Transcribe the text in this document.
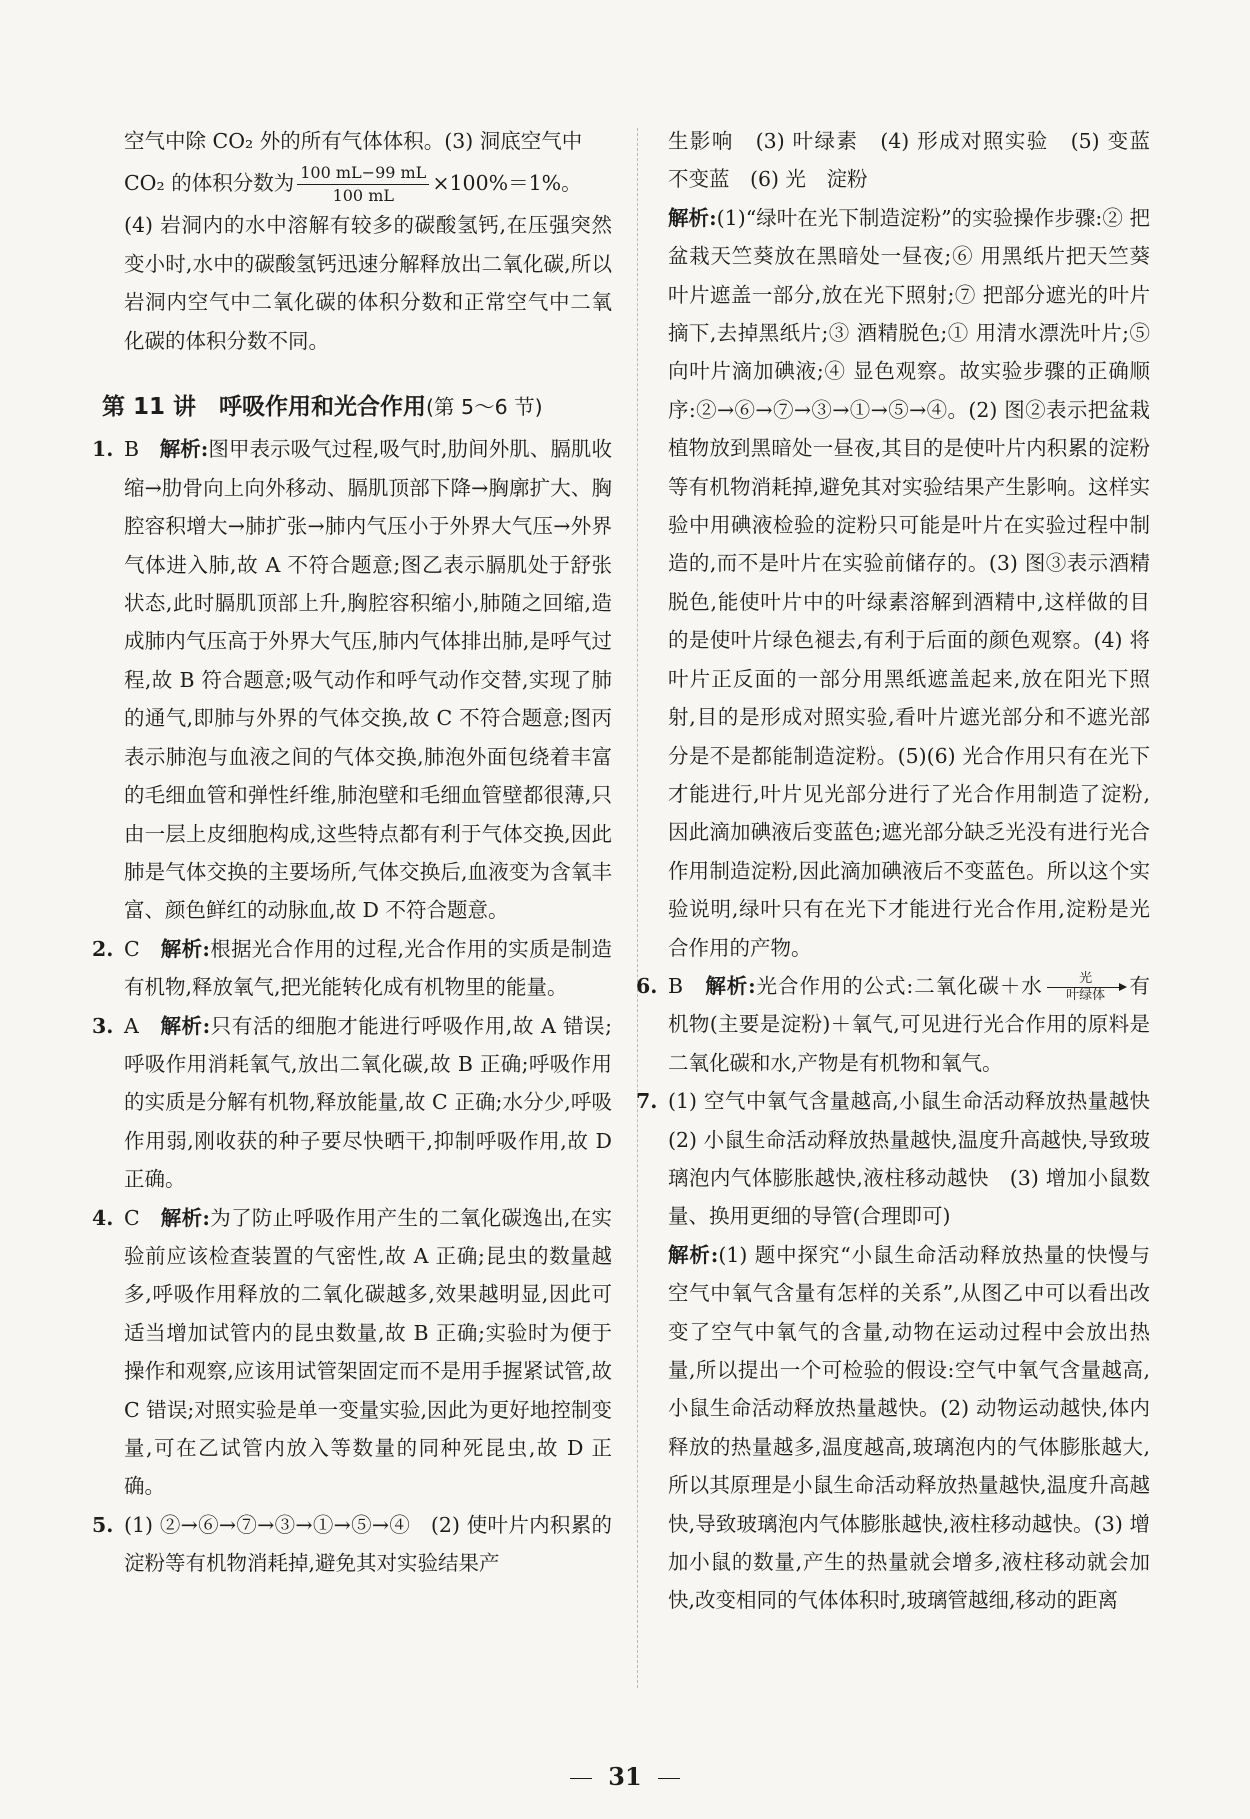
空气中除 CO₂ 外的所有气体体积。(3) 洞底空气中

CO₂ 的体积分数为 $\frac{100 mL-99 mL}{100 mL} \times 100\%=1\%$。

(4) 岩洞内的水中溶解有较多的碳酸氢钙,在压强突然变小时,水中的碳酸氢钙迅速分解释放出二氧化碳,所以岩洞内空气中二氧化碳的体积分数和正常空气中二氧化碳的体积分数不同。

第 11 讲　呼吸作用和光合作用(第 5～6 节)
1. B　 解析:图甲表示吸气过程,吸气时,肋间外肌、膈肌收缩→肋骨向上向外移动、膈肌顶部下降→胸廓扩大、胸腔容积增大→肺扩张→肺内气压小于外界大气压→外界气体进入肺,故 A 不符合题意;图乙表示膈肌处于舒张状态,此时膈肌顶部上升,胸腔容积缩小,肺随之回缩,造成肺内气压高于外界大气压,肺内气体排出肺,是呼气过程,故 B 符合题意;吸气动作和呼气动作交替,实现了肺的通气,即肺与外界的气体交换,故 C 不符合题意;图丙表示肺泡与血液之间的气体交换,肺泡外面包绕着丰富的毛细血管和弹性纤维,肺泡壁和毛细血管壁都很薄,只由一层上皮细胞构成,这些特点都有利于气体交换,因此肺是气体交换的主要场所,气体交换后,血液变为含氧丰富、颜色鲜红的动脉血,故 D 不符合题意。
2. C　 解析:根据光合作用的过程,光合作用的实质是制造有机物,释放氧气,把光能转化成有机物里的能量。
3. A　 解析:只有活的细胞才能进行呼吸作用,故 A 错误;呼吸作用消耗氧气,放出二氧化碳,故 B 正确;呼吸作用的实质是分解有机物,释放能量,故 C 正确;水分少,呼吸作用弱,刚收获的种子要尽快晒干,抑制呼吸作用,故 D 正确。
4. C　 解析:为了防止呼吸作用产生的二氧化碳逸出,在实验前应该检查装置的气密性,故 A 正确;昆虫的数量越多,呼吸作用释放的二氧化碳越多,效果越明显,因此可适当增加试管内的昆虫数量,故 B 正确;实验时为便于操作和观察,应该用试管架固定而不是用手握紧试管,故 C 错误;对照实验是单一变量实验,因此为更好地控制变量,可在乙试管内放入等数量的同种死昆虫,故 D 正确。
5. (1) ②→⑥→⑦→③→①→⑤→④　(2) 使叶片内积累的淀粉等有机物消耗掉,避免其对实验结果产

生影响　(3) 叶绿素　(4) 形成对照实验　(5) 变蓝　不变蓝　(6) 光　淀粉

解析:(1)“绿叶在光下制造淀粉”的实验操作步骤:② 把盆栽天竺葵放在黑暗处一昼夜;⑥ 用黑纸片把天竺葵叶片遮盖一部分,放在光下照射;⑦ 把部分遮光的叶片摘下,去掉黑纸片;③ 酒精脱色;① 用清水漂洗叶片;⑤ 向叶片滴加碘液;④ 显色观察。故实验步骤的正确顺序:②→⑥→⑦→③→①→⑤→④。(2) 图②表示把盆栽植物放到黑暗处一昼夜,其目的是使叶片内积累的淀粉等有机物消耗掉,避免其对实验结果产生影响。这样实验中用碘液检验的淀粉只可能是叶片在实验过程中制造的,而不是叶片在实验前储存的。(3) 图③表示酒精脱色,能使叶片中的叶绿素溶解到酒精中,这样做的目的是使叶片绿色褪去,有利于后面的颜色观察。(4) 将叶片正反面的一部分用黑纸遮盖起来,放在阳光下照射,目的是形成对照实验,看叶片遮光部分和不遮光部分是不是都能制造淀粉。(5)(6) 光合作用只有在光下才能进行,叶片见光部分进行了光合作用制造了淀粉,因此滴加碘液后变蓝色;遮光部分缺乏光没有进行光合作用制造淀粉,因此滴加碘液后不变蓝色。所以这个实验说明,绿叶只有在光下才能进行光合作用,淀粉是光合作用的产物。

6. B　 解析:光合作用的公式:二氧化碳＋水	光
叶绿体	有机物(主要是淀粉)＋氧气,可见进行光合作用的原料是二氧化碳和水,产物是有机物和氧气。
7. (1) 空气中氧气含量越高,小鼠生命活动释放热量越快　(2) 小鼠生命活动释放热量越快,温度升高越快,导致玻璃泡内气体膨胀越快,液柱移动越快　(3) 增加小鼠数量、换用更细的导管(合理即可)

解析:(1) 题中探究“小鼠生命活动释放热量的快慢与空气中氧气含量有怎样的关系”,从图乙中可以看出改变了空气中氧气的含量,动物在运动过程中会放出热量,所以提出一个可检验的假设:空气中氧气含量越高,小鼠生命活动释放热量越快。(2) 动物运动越快,体内释放的热量越多,温度越高,玻璃泡内的气体膨胀越大,所以其原理是小鼠生命活动释放热量越快,温度升高越快,导致玻璃泡内气体膨胀越快,液柱移动越快。(3) 增加小鼠的数量,产生的热量就会增多,液柱移动就会加快,改变相同的气体体积时,玻璃管越细,移动的距离

31
